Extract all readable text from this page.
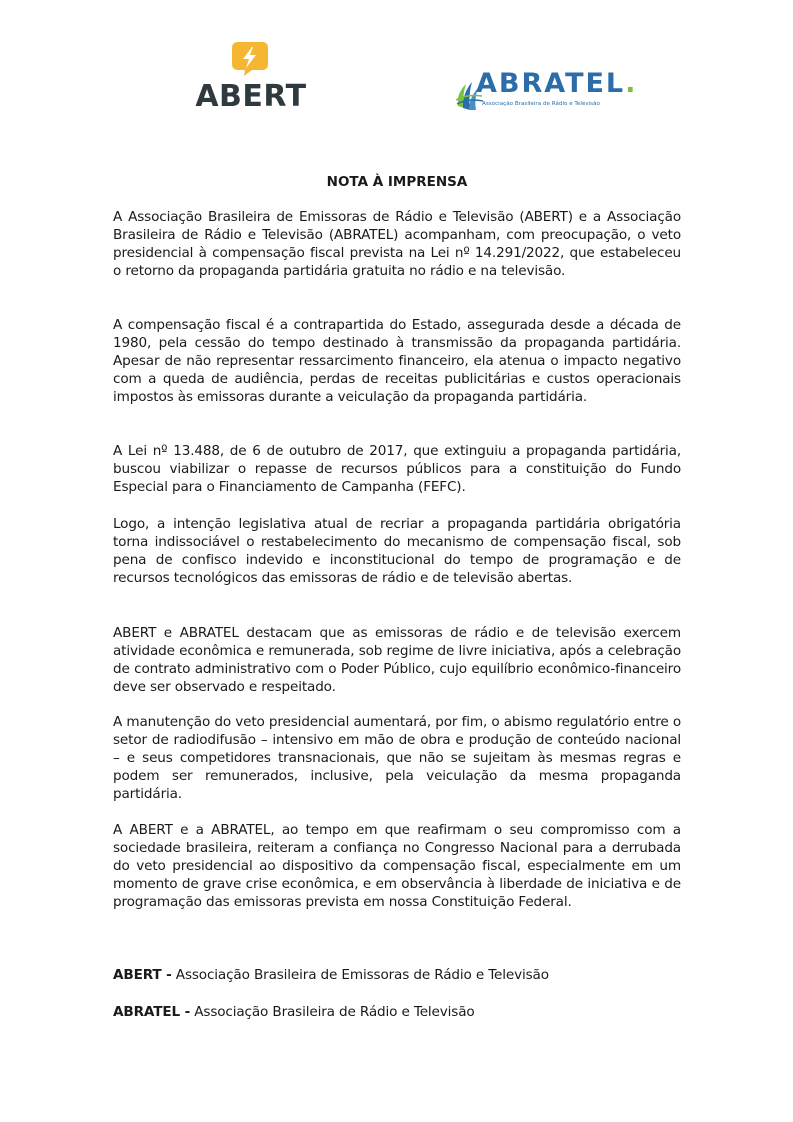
ABERT	ABRATEL.
Associação Brasileira de Rádio e Televisão
NOTA À IMPRENSA

A Associação Brasileira de Emissoras de Rádio e Televisão (ABERT) e a Associação Brasileira de Rádio e Televisão (ABRATEL) acompanham, com preocupação, o veto presidencial à compensação fiscal prevista na Lei nº 14.291/2022, que estabeleceu o retorno da propaganda partidária gratuita no rádio e na televisão.

A compensação fiscal é a contrapartida do Estado, assegurada desde a década de 1980, pela cessão do tempo destinado à transmissão da propaganda partidária. Apesar de não representar ressarcimento financeiro, ela atenua o impacto negativo com a queda de audiência, perdas de receitas publicitárias e custos operacionais impostos às emissoras durante a veiculação da propaganda partidária.

A Lei nº 13.488, de 6 de outubro de 2017, que extinguiu a propaganda partidária, buscou viabilizar o repasse de recursos públicos para a constituição do Fundo Especial para o Financiamento de Campanha (FEFC).

Logo, a intenção legislativa atual de recriar a propaganda partidária obrigatória torna indissociável o restabelecimento do mecanismo de compensação fiscal, sob pena de confisco indevido e inconstitucional do tempo de programação e de recursos tecnológicos das emissoras de rádio e de televisão abertas.

ABERT e ABRATEL destacam que as emissoras de rádio e de televisão exercem atividade econômica e remunerada, sob regime de livre iniciativa, após a celebração de contrato administrativo com o Poder Público, cujo equilíbrio econômico-financeiro deve ser observado e respeitado.

A manutenção do veto presidencial aumentará, por fim, o abismo regulatório entre o setor de radiodifusão – intensivo em mão de obra e produção de conteúdo nacional – e seus competidores transnacionais, que não se sujeitam às mesmas regras e podem ser remunerados, inclusive, pela veiculação da mesma propaganda partidária.

A ABERT e a ABRATEL, ao tempo em que reafirmam o seu compromisso com a sociedade brasileira, reiteram a confiança no Congresso Nacional para a derrubada do veto presidencial ao dispositivo da compensação fiscal, especialmente em um momento de grave crise econômica, e em observância à liberdade de iniciativa e de programação das emissoras prevista em nossa Constituição Federal.

ABERT - Associação Brasileira de Emissoras de Rádio e Televisão

ABRATEL - Associação Brasileira de Rádio e Televisão
